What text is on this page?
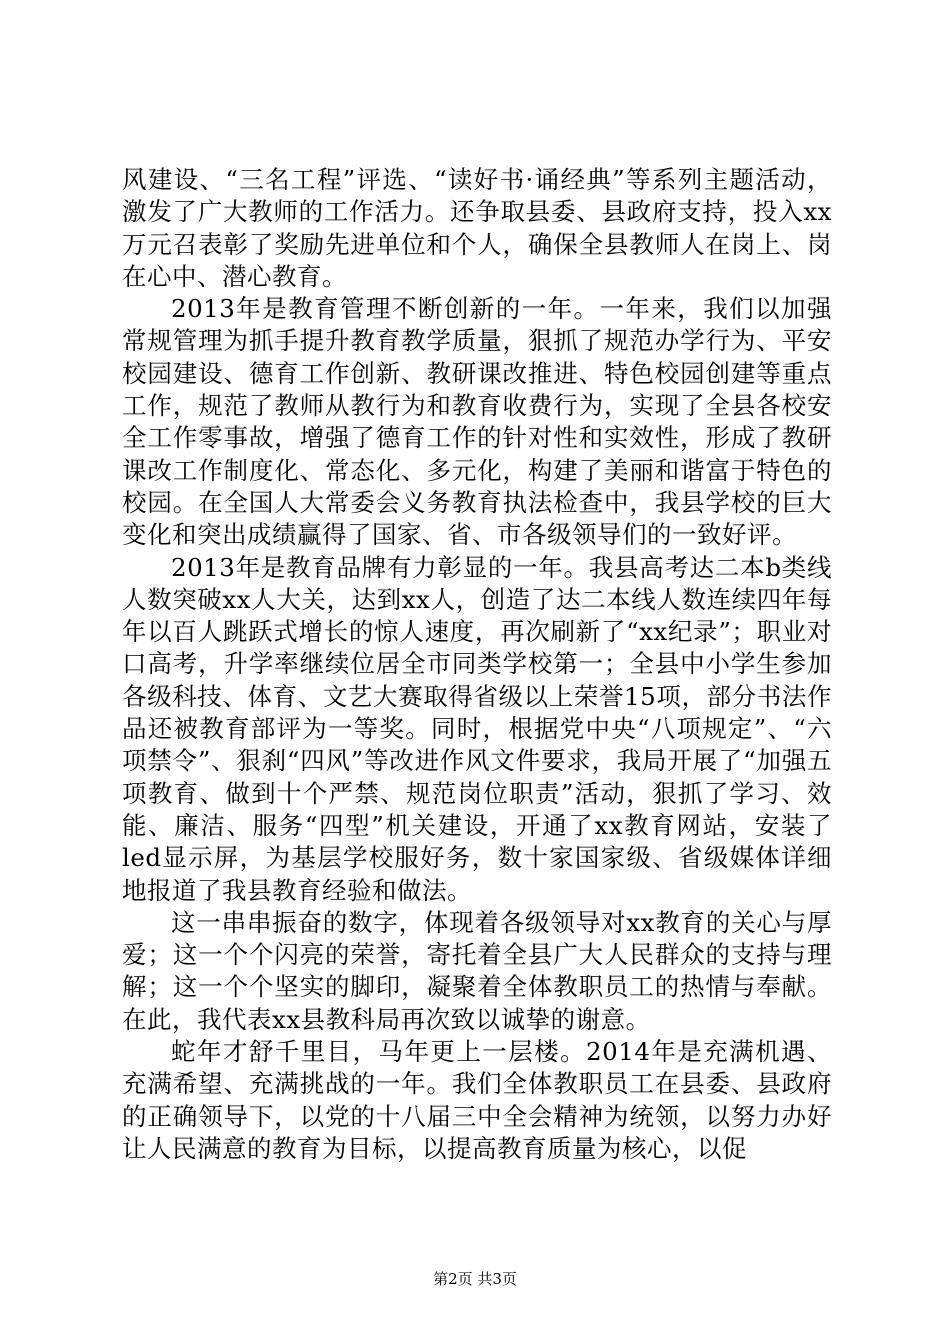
风建设、“三名工程”评选、“读好书·诵经典”等系列主题活动，激发了广大教师的工作活力。还争取县委、县政府支持，投入xx万元召表彰了奖励先进单位和个人，确保全县教师人在岗上、岗在心中、潜心教育。

2013年是教育管理不断创新的一年。一年来，我们以加强常规管理为抓手提升教育教学质量，狠抓了规范办学行为、平安校园建设、德育工作创新、教研课改推进、特色校园创建等重点工作，规范了教师从教行为和教育收费行为，实现了全县各校安全工作零事故，增强了德育工作的针对性和实效性，形成了教研课改工作制度化、常态化、多元化，构建了美丽和谐富于特色的校园。在全国人大常委会义务教育执法检查中，我县学校的巨大变化和突出成绩赢得了国家、省、市各级领导们的一致好评。

2013年是教育品牌有力彰显的一年。我县高考达二本b类线人数突破xx人大关，达到xx人，创造了达二本线人数连续四年每年以百人跳跃式增长的惊人速度，再次刷新了“xx纪录”；职业对口高考，升学率继续位居全市同类学校第一；全县中小学生参加各级科技、体育、文艺大赛取得省级以上荣誉15项，部分书法作品还被教育部评为一等奖。同时，根据党中央“八项规定”、“六项禁令”、狠刹“四风”等改进作风文件要求，我局开展了“加强五项教育、做到十个严禁、规范岗位职责”活动，狠抓了学习、效能、廉洁、服务“四型”机关建设，开通了xx教育网站，安装了led显示屏，为基层学校服好务，数十家国家级、省级媒体详细地报道了我县教育经验和做法。

这一串串振奋的数字，体现着各级领导对xx教育的关心与厚爱；这一个个闪亮的荣誉，寄托着全县广大人民群众的支持与理解；这一个个坚实的脚印，凝聚着全体教职员工的热情与奉献。在此，我代表xx县教科局再次致以诚挚的谢意。

蛇年才舒千里目，马年更上一层楼。2014年是充满机遇、充满希望、充满挑战的一年。我们全体教职员工在县委、县政府的正确领导下，以党的十八届三中全会精神为统领，以努力办好让人民满意的教育为目标，以提高教育质量为核心，以促

第2页 共3页
